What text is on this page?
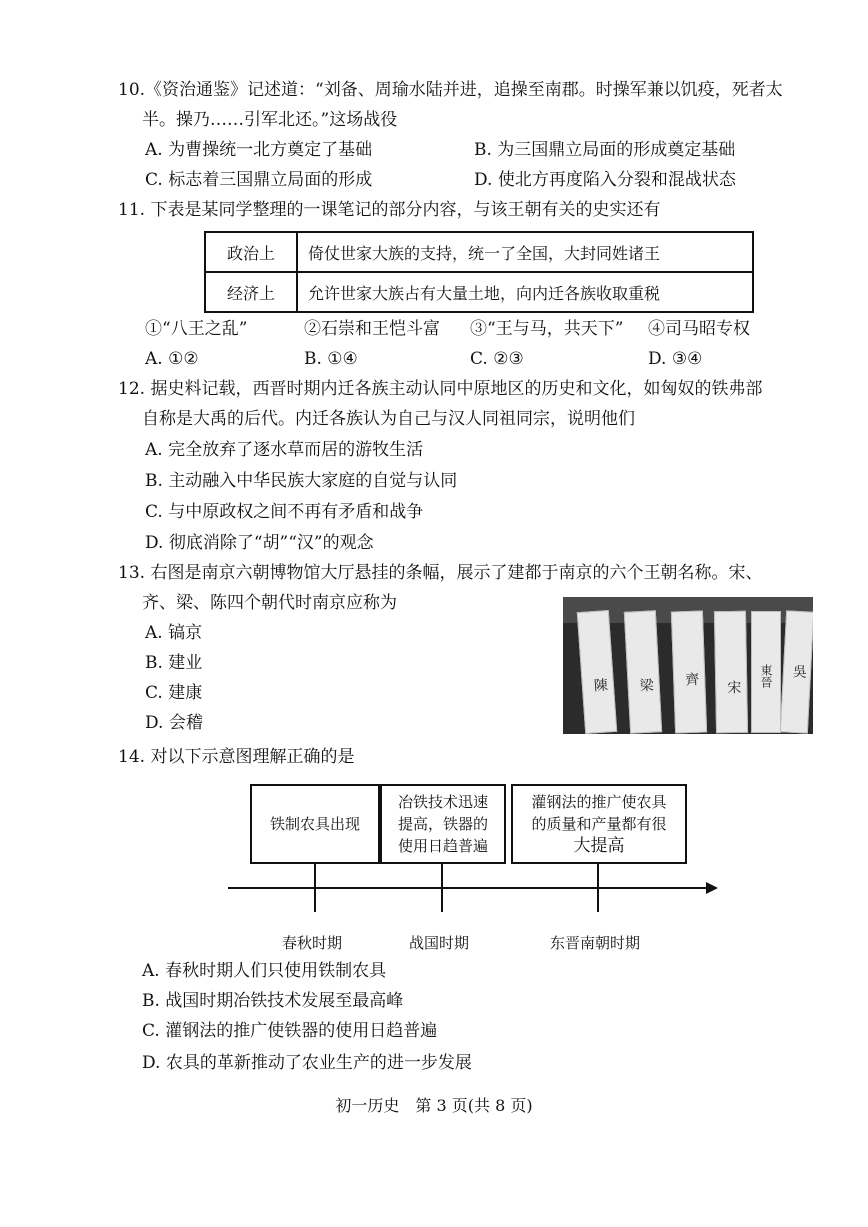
10.《资治通鉴》记述道：“刘备、周瑜水陆并进，追操至南郡。时操军兼以饥疫，死者太
半。操乃……引军北还。”这场战役
A. 为曹操统一北方奠定了基础	B. 为三国鼎立局面的形成奠定基础
C. 标志着三国鼎立局面的形成	D. 使北方再度陷入分裂和混战状态
11. 下表是某同学整理的一课笔记的部分内容，与该王朝有关的史实还有
政治上	倚仗世家大族的支持，统一了全国，大封同姓诸王
经济上	允许世家大族占有大量土地，向内迁各族收取重税
①“八王之乱”	②石崇和王恺斗富 ③“王与马，共天下” ④司马昭专权
A. ①②	B. ①④	C. ②③	D. ③④
12. 据史料记载，西晋时期内迁各族主动认同中原地区的历史和文化，如匈奴的铁弗部
自称是大禹的后代。内迁各族认为自己与汉人同祖同宗，说明他们
A. 完全放弃了逐水草而居的游牧生活
B. 主动融入中华民族大家庭的自觉与认同
C. 与中原政权之间不再有矛盾和战争
D. 彻底消除了“胡”“汉”的观念
13. 右图是南京六朝博物馆大厅悬挂的条幅，展示了建都于南京的六个王朝名称。宋、
齐、梁、陈四个朝代时南京应称为
A. 镐京
B. 建业
C. 建康
D. 会稽
陳 梁 齊
宋 東晉 吳
14. 对以下示意图理解正确的是
铁制农具出现
冶铁技术迅速
提高，铁器的
使用日趋普遍
灌钢法的推广使农具
的质量和产量都有很
大提高
春秋时期	战国时期	东晋南朝时期
A. 春秋时期人们只使用铁制农具
B. 战国时期冶铁技术发展至最高峰
C. 灌钢法的推广使铁器的使用日趋普遍
D. 农具的革新推动了农业生产的进一步发展
初一历史　第 3 页(共 8 页)
